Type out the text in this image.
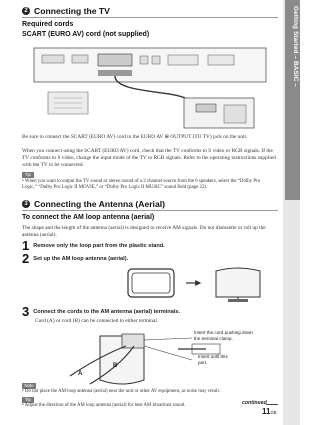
Getting Started – BASIC –
2 Connecting the TV
Required cords
SCART (EURO AV) cord (not supplied)
Be sure to connect the SCART (EURO AV) cord to the EURO AV ⊕ OUTPUT (TO TV) jack on the unit.
When you connect using the SCART (EURO AV) cord, check that the TV conforms to S video or RGB signals. If the TV conforms to S video, change the input mode of the TV to RGB signals. Refer to the operating instructions supplied with the TV to be connected.
Tip
• When you want to output the TV sound or stereo sound of a 2 channel source from the 6 speakers, select the “Dolby Pro Logic,” “Dolby Pro Logic II MOVIE,” or “Dolby Pro Logic II MUSIC” sound field (page 22).
3 Connecting the Antenna (Aerial)
To connect the AM loop antenna (aerial)
The shape and the length of the antenna (aerial) is designed to receive AM signals. Do not dismantle or roll up the antenna (aerial).
1 Remove only the loop part from the plastic stand.
2 Set up the AM loop antenna (aerial).
3 Connect the cords to the AM antenna (aerial) terminals.
Cord (A) or cord (B) can be connected to either terminal.
Insert the cord pushing down the terminal clamp.
Insert until this part.
A
B
Note
• Do not place the AM loop antenna (aerial) near the unit or other AV equipment, as noise may result.
Tip
• Adjust the direction of the AM loop antenna (aerial) for best AM broadcast sound.	continued
11GB
